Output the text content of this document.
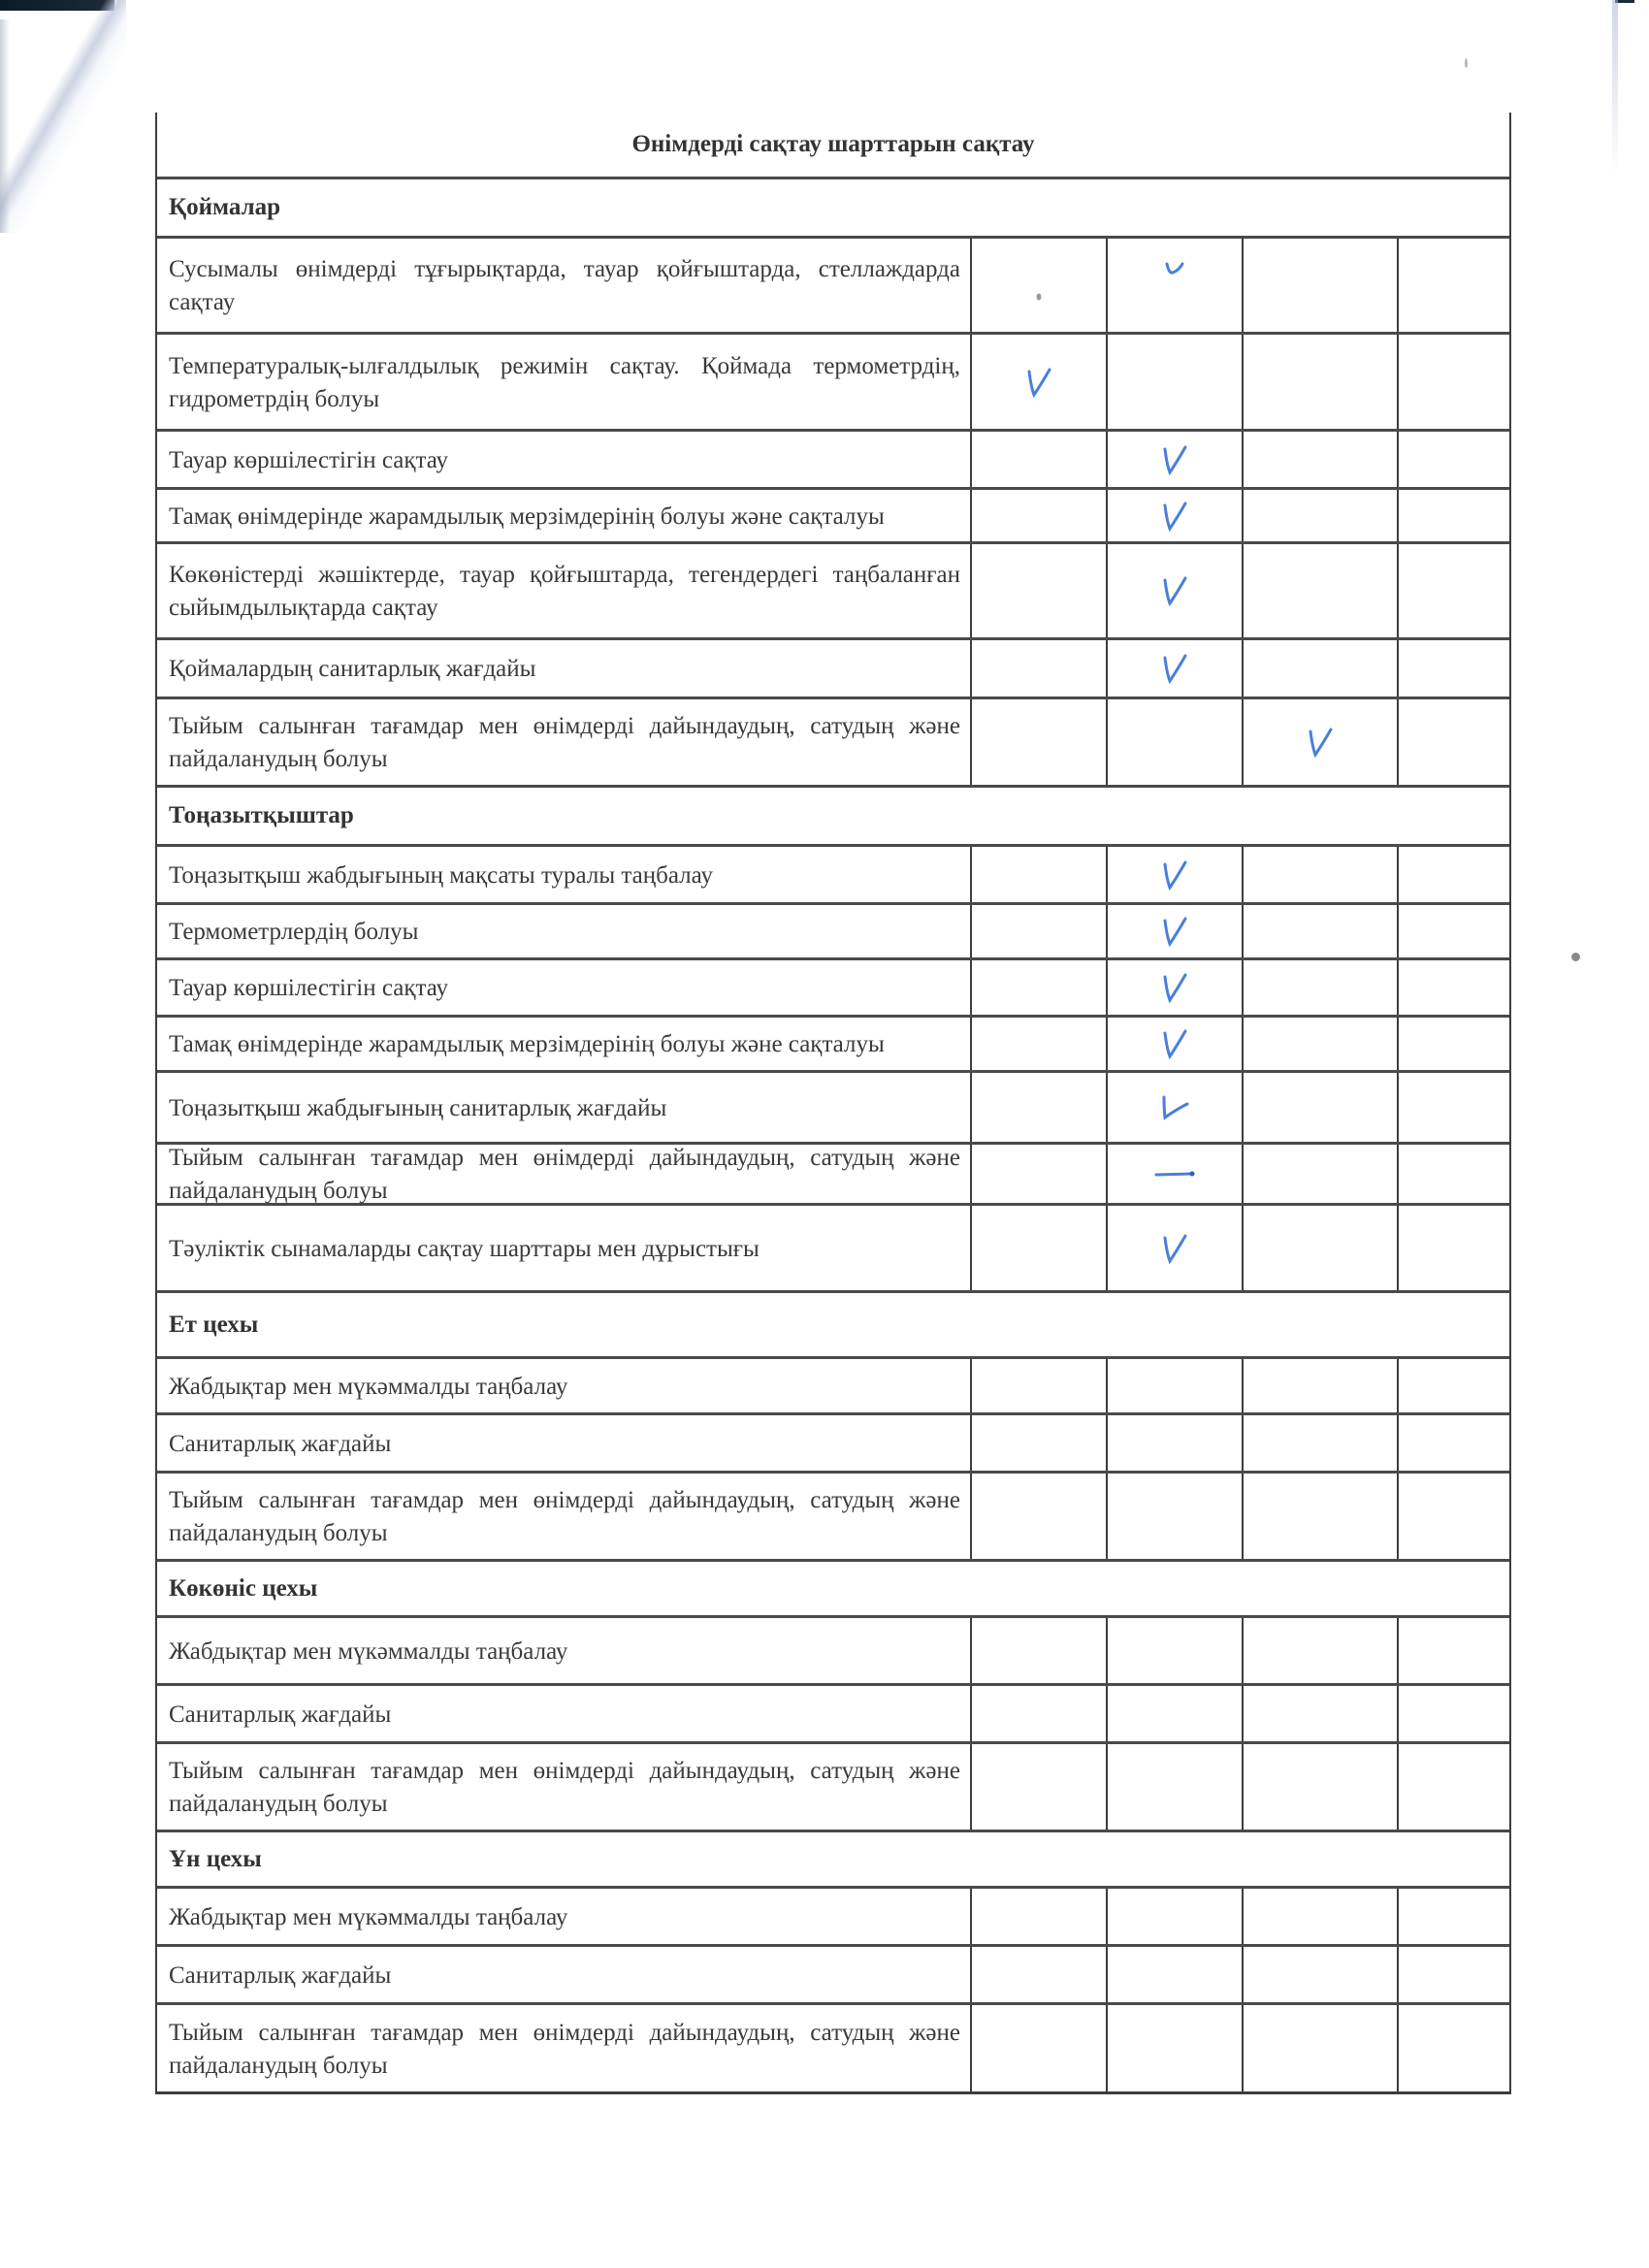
Өнімдерді сақтау шарттарын сақтау
Қоймалар
Сусымалы өнімдерді тұғырықтарда, тауар қойғыштарда, стеллаждарда сақтау
Температуралық-ылғалдылық режимін сақтау. Қоймада термометрдің, гидрометрдің болуы
Тауар көршілестігін сақтау
Тамақ өнімдерінде жарамдылық мерзімдерінің болуы және сақталуы
Көкөністерді жәшіктерде, тауар қойғыштарда, тегендердегі таңбаланған сыйымдылықтарда сақтау
Қоймалардың санитарлық жағдайы
Тыйым салынған тағамдар мен өнімдерді дайындаудың, сатудың және пайдаланудың болуы
Тоңазытқыштар
Тоңазытқыш жабдығының мақсаты туралы таңбалау
Термометрлердің болуы
Тауар көршілестігін сақтау
Тамақ өнімдерінде жарамдылық мерзімдерінің болуы және сақталуы
Тоңазытқыш жабдығының санитарлық жағдайы
Тыйым салынған тағамдар мен өнімдерді дайындаудың, сатудың және пайдаланудың болуы
Тәуліктік сынамаларды сақтау шарттары мен дұрыстығы
Ет цехы
Жабдықтар мен мүкәммалды таңбалау
Санитарлық жағдайы
Тыйым салынған тағамдар мен өнімдерді дайындаудың, сатудың және пайдаланудың болуы
Көкөніс цехы
Жабдықтар мен мүкәммалды таңбалау
Санитарлық жағдайы
Тыйым салынған тағамдар мен өнімдерді дайындаудың, сатудың және пайдаланудың болуы
Ұн цехы
Жабдықтар мен мүкәммалды таңбалау
Санитарлық жағдайы
Тыйым салынған тағамдар мен өнімдерді дайындаудың, сатудың және пайдаланудың болуы
